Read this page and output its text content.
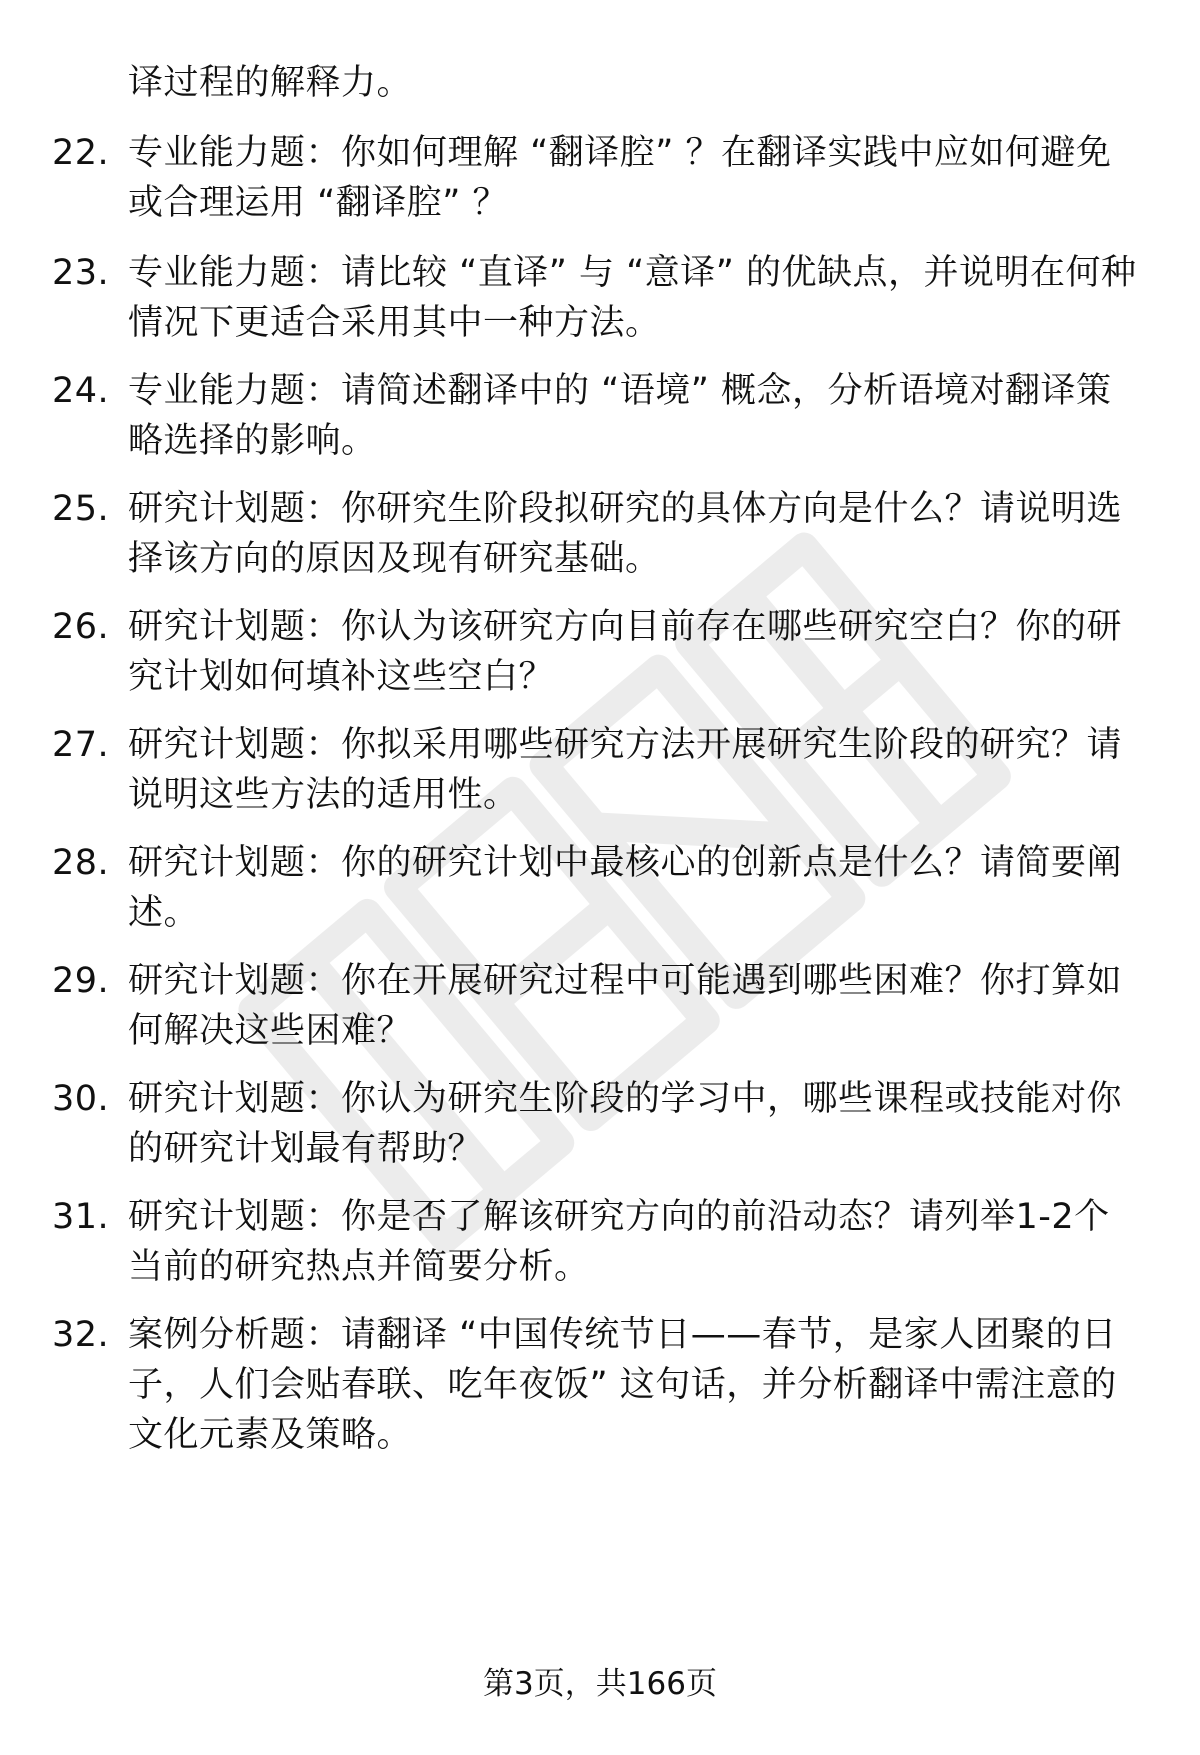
译过程的解释力。
22. 专业能力题：你如何理解 “翻译腔” ？在翻译实践中应如何避免或合理运用 “翻译腔” ？
23. 专业能力题：请比较 “直译” 与 “意译” 的优缺点，并说明在何种情况下更适合采用其中一种方法。
24. 专业能力题：请简述翻译中的 “语境” 概念，分析语境对翻译策略选择的影响。
25. 研究计划题：你研究生阶段拟研究的具体方向是什么？请说明选择该方向的原因及现有研究基础。
26. 研究计划题：你认为该研究方向目前存在哪些研究空白？你的研究计划如何填补这些空白？
27. 研究计划题：你拟采用哪些研究方法开展研究生阶段的研究？请说明这些方法的适用性。
28. 研究计划题：你的研究计划中最核心的创新点是什么？请简要阐述。
29. 研究计划题：你在开展研究过程中可能遇到哪些困难？你打算如何解决这些困难？
30. 研究计划题：你认为研究生阶段的学习中，哪些课程或技能对你的研究计划最有帮助？
31. 研究计划题：你是否了解该研究方向的前沿动态？请列举1-2个当前的研究热点并简要分析。
32. 案例分析题：请翻译 “中国传统节日——春节，是家人团聚的日子，人们会贴春联、吃年夜饭” 这句话，并分析翻译中需注意的文化元素及策略。
第3页，共166页
